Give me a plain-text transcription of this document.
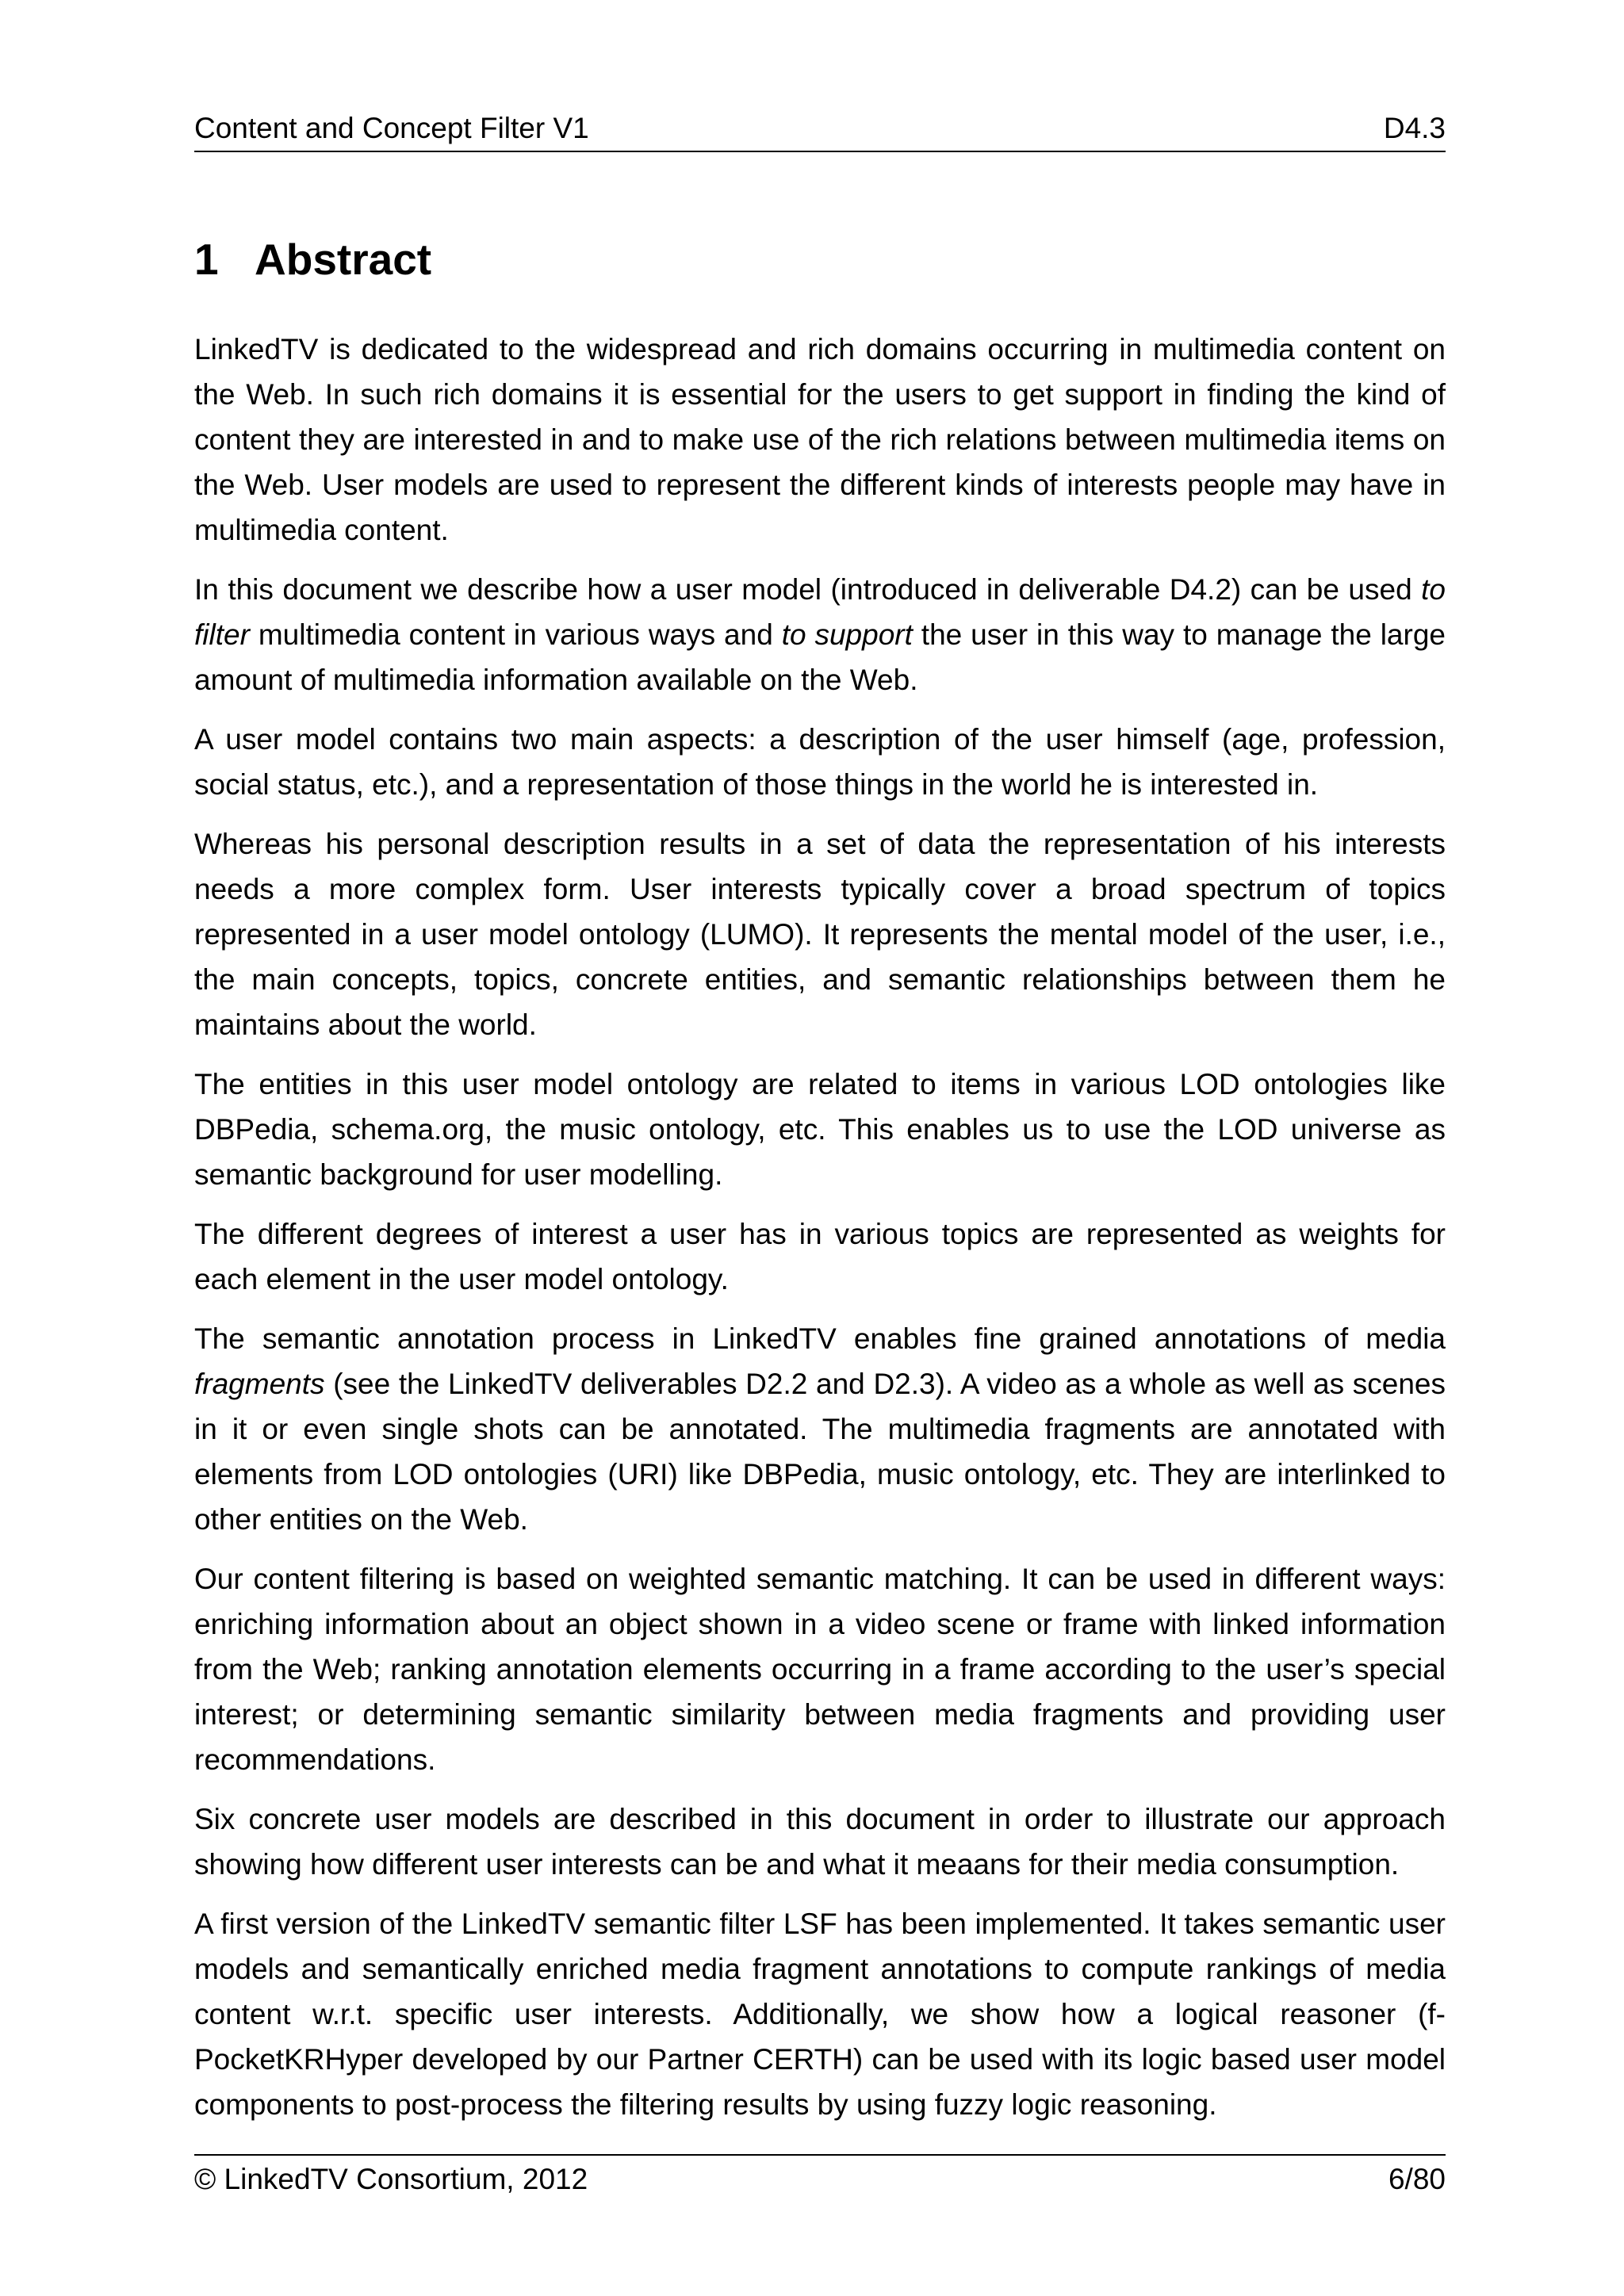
Content and Concept Filter V1	D4.3
1 Abstract

LinkedTV is dedicated to the widespread and rich domains occurring in multimedia content on the Web. In such rich domains it is essential for the users to get support in finding the kind of content they are interested in and to make use of the rich relations between multimedia items on the Web. User models are used to represent the different kinds of interests people may have in multimedia content.

In this document we describe how a user model (introduced in deliverable D4.2) can be used to filter multimedia content in various ways and to support the user in this way to manage the large amount of multimedia information available on the Web.

A user model contains two main aspects: a description of the user himself (age, profession, social status, etc.), and a representation of those things in the world he is interested in.

Whereas his personal description results in a set of data the representation of his interests needs a more complex form. User interests typically cover a broad spectrum of topics represented in a user model ontology (LUMO). It represents the mental model of the user, i.e., the main concepts, topics, concrete entities, and semantic relationships between them he maintains about the world.

The entities in this user model ontology are related to items in various LOD ontologies like DBPedia, schema.org, the music ontology, etc. This enables us to use the LOD universe as semantic background for user modelling.

The different degrees of interest a user has in various topics are represented as weights for each element in the user model ontology.

The semantic annotation process in LinkedTV enables fine grained annotations of media fragments (see the LinkedTV deliverables D2.2 and D2.3). A video as a whole as well as scenes in it or even single shots can be annotated. The multimedia fragments are annotated with elements from LOD ontologies (URI) like DBPedia, music ontology, etc. They are interlinked to other entities on the Web.

Our content filtering is based on weighted semantic matching. It can be used in different ways: enriching information about an object shown in a video scene or frame with linked information from the Web; ranking annotation elements occurring in a frame according to the user’s special interest; or determining semantic similarity between media fragments and providing user recommendations.

Six concrete user models are described in this document in order to illustrate our approach showing how different user interests can be and what it meaans for their media consumption.

A first version of the LinkedTV semantic filter LSF has been implemented. It takes semantic user models and semantically enriched media fragment annotations to compute rankings of media content w.r.t. specific user interests. Additionally, we show how a logical reasoner (f-PocketKRHyper developed by our Partner CERTH) can be used with its logic based user model components to post-process the filtering results by using fuzzy logic reasoning.

© LinkedTV Consortium, 2012	6/80
